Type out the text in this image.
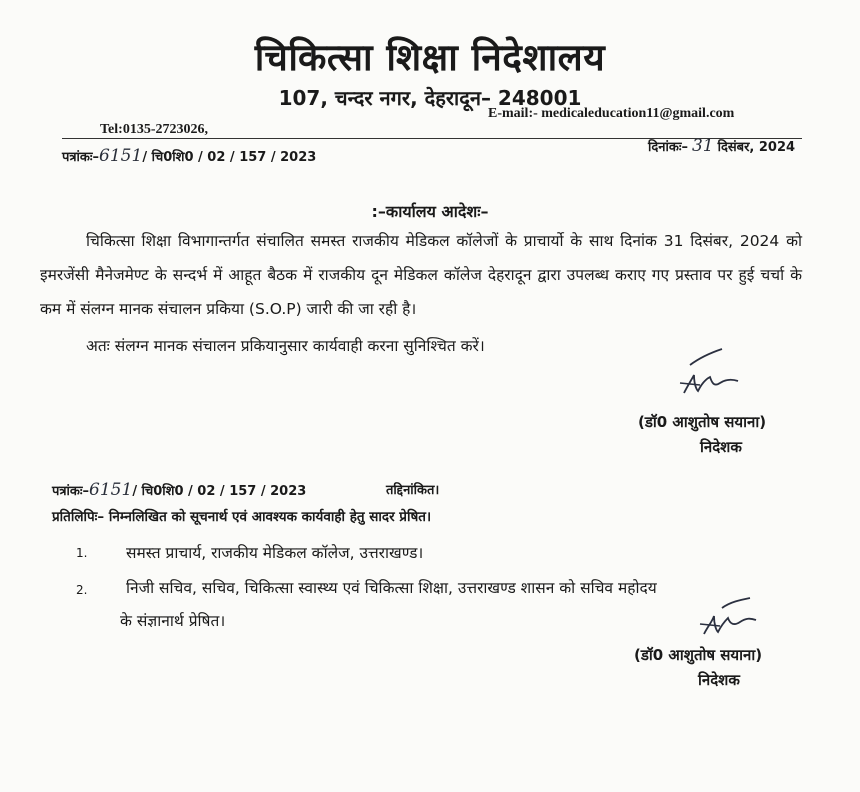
चिकित्सा शिक्षा निदेशालय
107, चन्दर नगर, देहरादून– 248001
E-mail:- medicaleducation11@gmail.com
Tel:0135-2723026,
पत्रांकः–6151/ चि0शि0 / 02 / 157 / 2023
दिनांकः– 31 दिसंबर, 2024
:–कार्यालय आदेशः–
चिकित्सा शिक्षा विभागान्तर्गत संचालित समस्त राजकीय मेडिकल कॉलेजों के प्राचार्यो के साथ दिनांक 31 दिसंबर, 2024 को इमरजेंसी मैनेजमेण्ट के सन्दर्भ में आहूत बैठक में राजकीय दून मेडिकल कॉलेज देहरादून द्वारा उपलब्ध कराए गए प्रस्ताव पर हुई चर्चा के कम में संलग्न मानक संचालन प्रकिया (S.O.P) जारी की जा रही है।
अतः संलग्न मानक संचालन प्रकियानुसार कार्यवाही करना सुनिश्चित करें।
(डॉ0 आशुतोष सयाना)
निदेशक
पत्रांकः–6151/ चि0शि0 / 02 / 157 / 2023	तद्दिनांकित।
प्रतिलिपिः– निम्नलिखित को सूचनार्थ एवं आवश्यक कार्यवाही हेतु सादर प्रेषित।
1. समस्त प्राचार्य, राजकीय मेडिकल कॉलेज, उत्तराखण्ड।
2. निजी सचिव, सचिव, चिकित्सा स्वास्थ्य एवं चिकित्सा शिक्षा, उत्तराखण्ड शासन को सचिव महोदय
के संज्ञानार्थ प्रेषित।
(डॉ0 आशुतोष सयाना)
निदेशक
